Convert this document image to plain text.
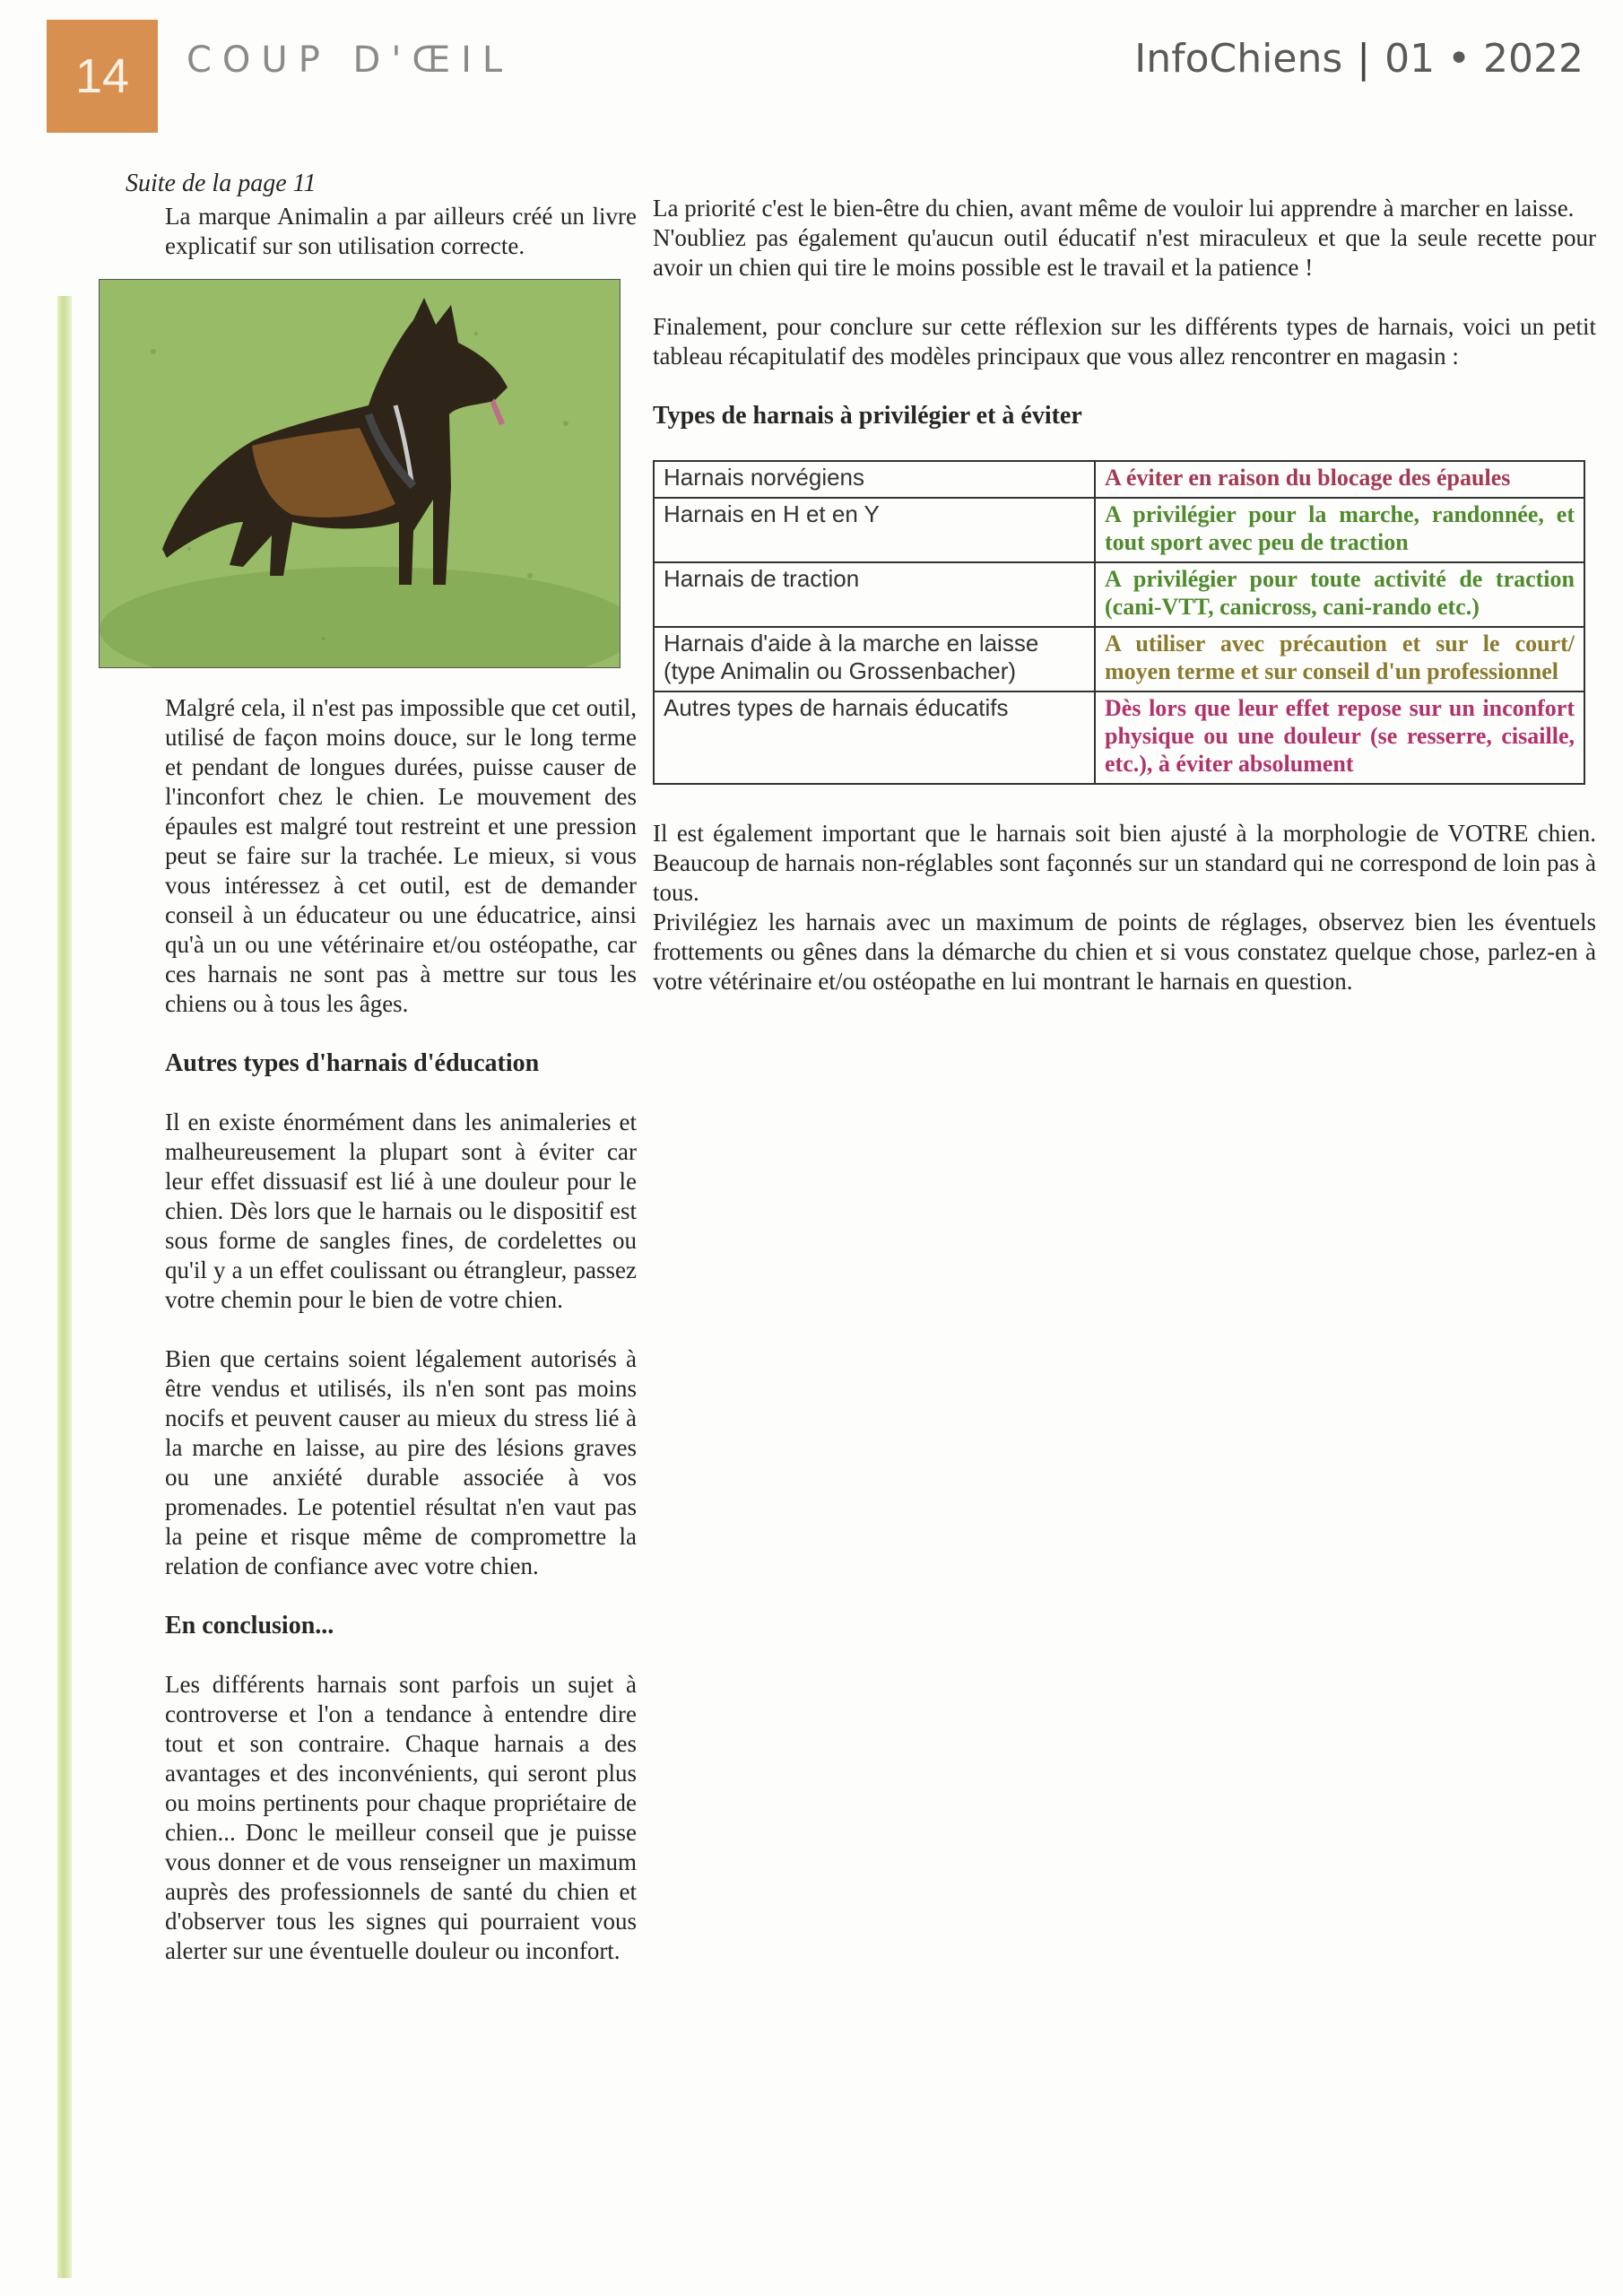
14	COUP D'ŒIL	InfoChiens | 01 • 2022

Suite de la page 11

La marque Animalin a par ailleurs créé un livre explicatif sur son utilisation correcte.

Malgré cela, il n'est pas impossible que cet outil, utilisé de façon moins douce, sur le long terme et pendant de longues durées, puisse causer de l'inconfort chez le chien. Le mouvement des épaules est malgré tout restreint et une pression peut se faire sur la trachée. Le mieux, si vous vous intéressez à cet outil, est de demander conseil à un éducateur ou une éducatrice, ainsi qu'à un ou une vétérinaire et/ou ostéopathe, car ces harnais ne sont pas à mettre sur tous les chiens ou à tous les âges.

Autres types d'harnais d'éducation

Il en existe énormément dans les animaleries et malheureusement la plupart sont à éviter car leur effet dissuasif est lié à une douleur pour le chien. Dès lors que le harnais ou le dispositif est sous forme de sangles fines, de cordelettes ou qu'il y a un effet coulissant ou étrangleur, passez votre chemin pour le bien de votre chien.

Bien que certains soient légalement autorisés à être vendus et utilisés, ils n'en sont pas moins nocifs et peuvent causer au mieux du stress lié à la marche en laisse, au pire des lésions graves ou une anxiété durable associée à vos promenades. Le potentiel résultat n'en vaut pas la peine et risque même de compromettre la relation de confiance avec votre chien.

En conclusion...

Les différents harnais sont parfois un sujet à controverse et l'on a tendance à entendre dire tout et son contraire. Chaque harnais a des avantages et des inconvénients, qui seront plus ou moins pertinents pour chaque propriétaire de chien... Donc le meilleur conseil que je puisse vous donner et de vous renseigner un maximum auprès des professionnels de santé du chien et d'observer tous les signes qui pourraient vous alerter sur une éventuelle douleur ou inconfort.

La priorité c'est le bien-être du chien, avant même de vouloir lui apprendre à marcher en laisse.

N'oubliez pas également qu'aucun outil éducatif n'est miraculeux et que la seule recette pour avoir un chien qui tire le moins possible est le travail et la patience !

Finalement, pour conclure sur cette réflexion sur les différents types de harnais, voici un petit tableau récapitulatif des modèles principaux que vous allez rencontrer en magasin :

Types de harnais à privilégier et à éviter

Harnais norvégiens	A éviter en raison du blocage des épaules
Harnais en H et en Y	A privilégier pour la marche, randonnée, et tout sport avec peu de traction
Harnais de traction	A privilégier pour toute activité de traction (cani-VTT, canicross, cani-rando etc.)
Harnais d'aide à la marche en laisse (type Animalin ou Grossenbacher)	A utiliser avec précaution et sur le court/ moyen terme et sur conseil d'un professionnel
Autres types de harnais éducatifs	Dès lors que leur effet repose sur un inconfort physique ou une douleur (se resserre, cisaille, etc.), à éviter absolument

Il est également important que le harnais soit bien ajusté à la morphologie de VOTRE chien. Beaucoup de harnais non-réglables sont façonnés sur un standard qui ne correspond de loin pas à tous.

Privilégiez les harnais avec un maximum de points de réglages, observez bien les éventuels frottements ou gênes dans la démarche du chien et si vous constatez quelque chose, parlez-en à votre vétérinaire et/ou ostéopathe en lui montrant le harnais en question.
